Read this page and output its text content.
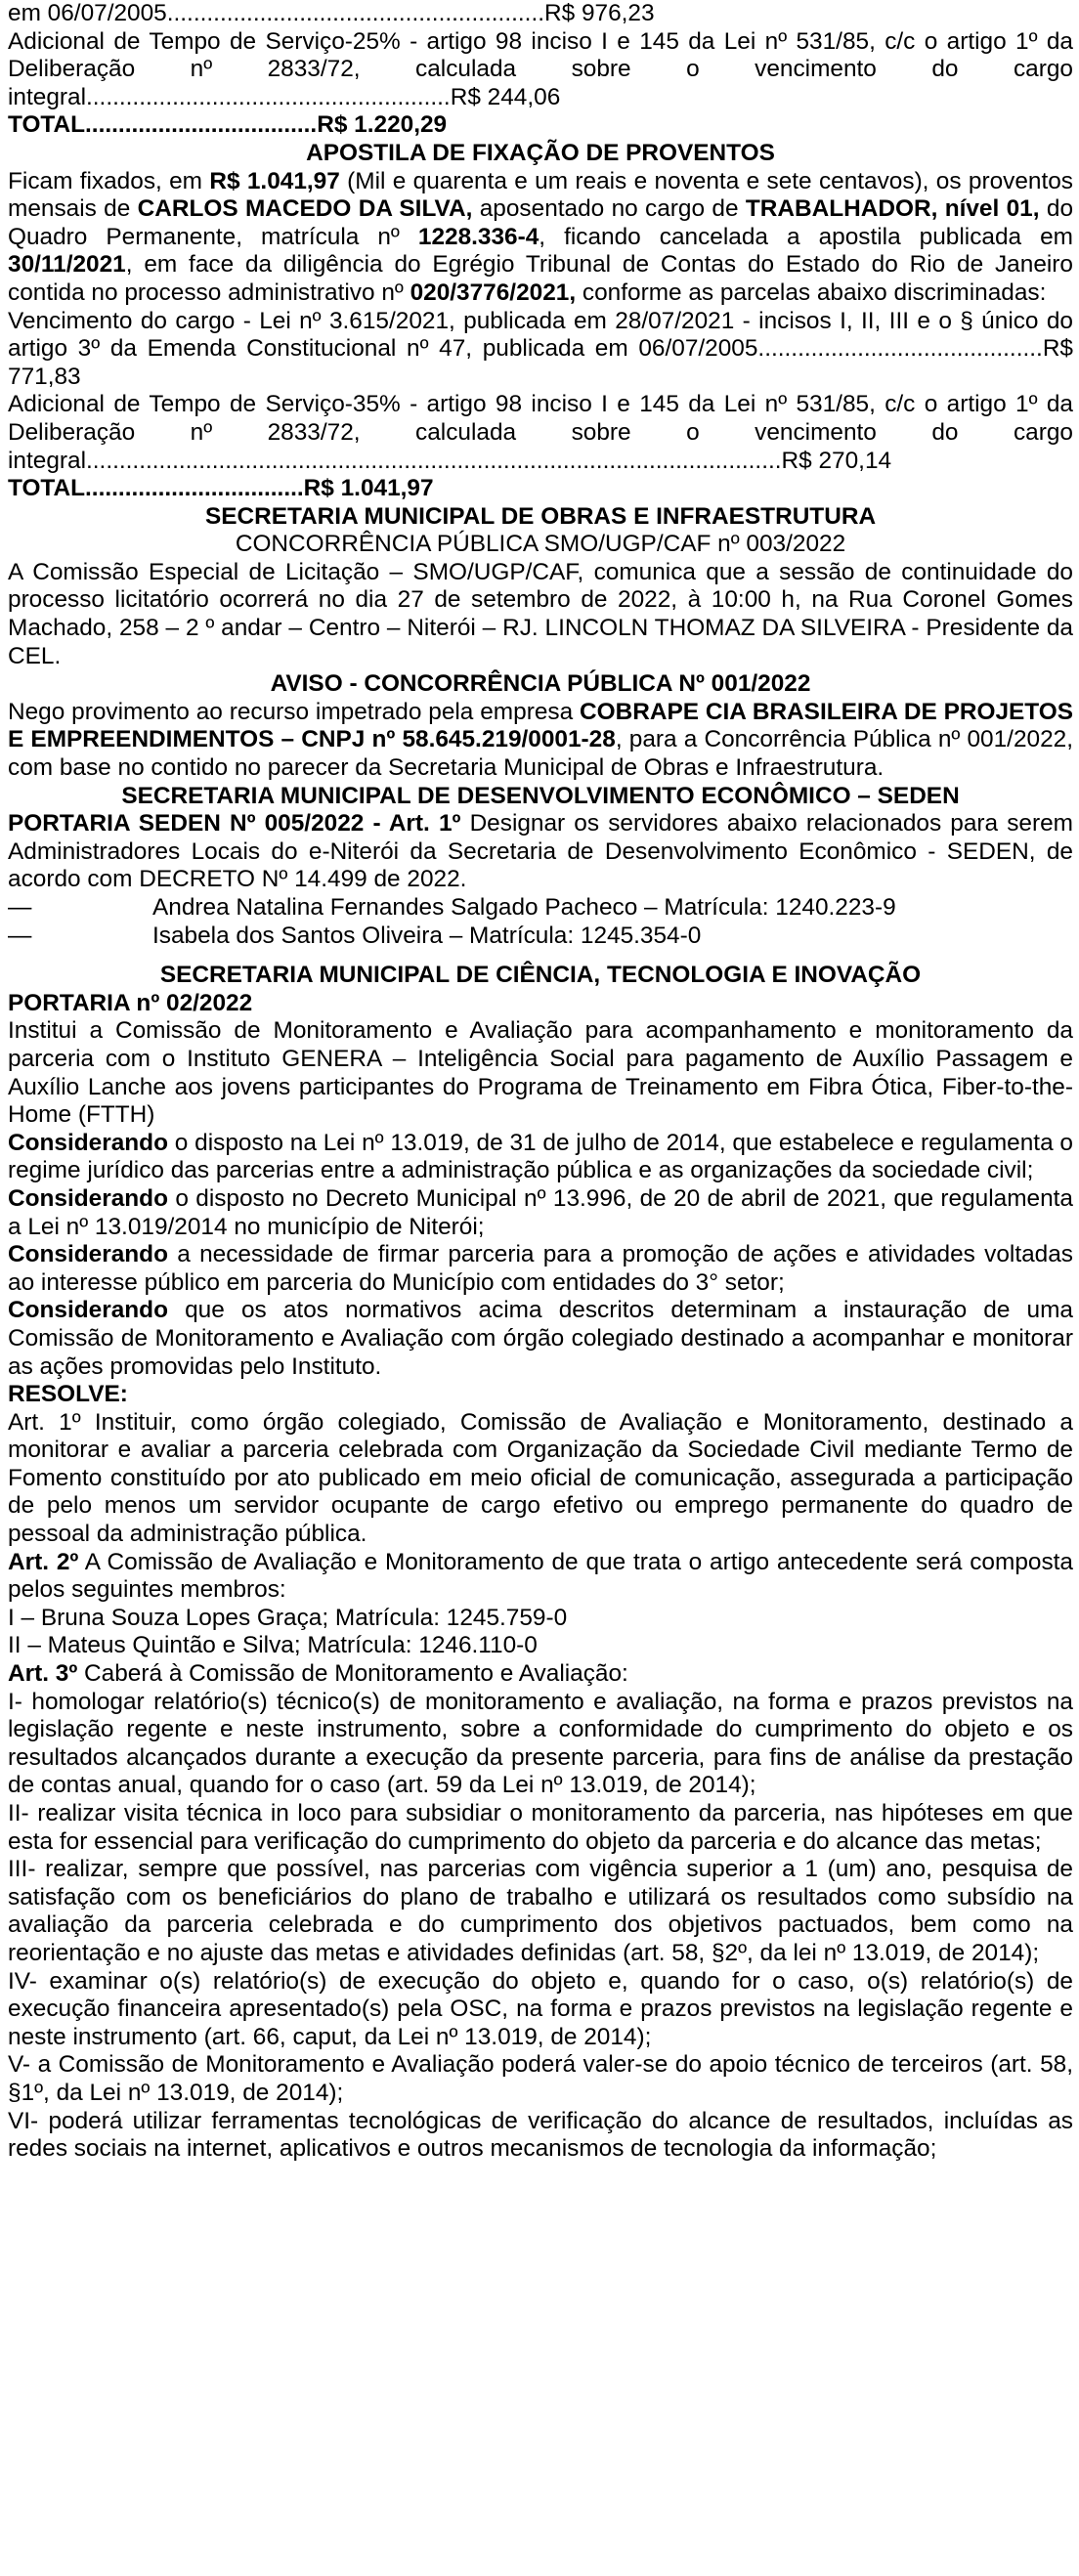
em 06/07/2005.........................................................R$ 976,23

Adicional de Tempo de Serviço-25% - artigo 98 inciso I e 145 da Lei nº 531/85, c/c o artigo 1º da Deliberação nº 2833/72, calculada sobre o vencimento do cargo integral.......................................................R$ 244,06

TOTAL...................................R$ 1.220,29

APOSTILA DE FIXAÇÃO DE PROVENTOS

Ficam fixados, em R$ 1.041,97 (Mil e quarenta e um reais e noventa e sete centavos), os proventos mensais de CARLOS MACEDO DA SILVA, aposentado no cargo de TRABALHADOR, nível 01, do Quadro Permanente, matrícula nº 1228.336-4, ficando cancelada a apostila publicada em 30/11/2021, em face da diligência do Egrégio Tribunal de Contas do Estado do Rio de Janeiro contida no processo administrativo nº 020/3776/2021, conforme as parcelas abaixo discriminadas:

Vencimento do cargo - Lei nº 3.615/2021, publicada em 28/07/2021 - incisos I, II, III e o § único do artigo 3º da Emenda Constitucional nº 47, publicada em 06/07/2005...........................................R$ 771,83

Adicional de Tempo de Serviço-35% - artigo 98 inciso I e 145 da Lei nº 531/85, c/c o artigo 1º da Deliberação nº 2833/72, calculada sobre o vencimento do cargo integral.........................................................................................................R$ 270,14

TOTAL.................................R$ 1.041,97

SECRETARIA MUNICIPAL DE OBRAS E INFRAESTRUTURA

CONCORRÊNCIA PÚBLICA SMO/UGP/CAF nº 003/2022

A Comissão Especial de Licitação – SMO/UGP/CAF, comunica que a sessão de continuidade do processo licitatório ocorrerá no dia 27 de setembro de 2022, à 10:00 h, na Rua Coronel Gomes Machado, 258 – 2 º andar – Centro – Niterói – RJ. LINCOLN THOMAZ DA SILVEIRA - Presidente da CEL.

AVISO - CONCORRÊNCIA PÚBLICA Nº 001/2022

Nego provimento ao recurso impetrado pela empresa COBRAPE CIA BRASILEIRA DE PROJETOS E EMPREENDIMENTOS – CNPJ nº 58.645.219/0001-28, para a Concorrência Pública nº 001/2022, com base no contido no parecer da Secretaria Municipal de Obras e Infraestrutura.

SECRETARIA MUNICIPAL DE DESENVOLVIMENTO ECONÔMICO – SEDEN

PORTARIA SEDEN Nº 005/2022 - Art. 1º Designar os servidores abaixo relacionados para serem Administradores Locais do e-Niterói da Secretaria de Desenvolvimento Econômico - SEDEN, de acordo com DECRETO Nº 14.499 de 2022.

—	Andrea Natalina Fernandes Salgado Pacheco – Matrícula: 1240.223-9

—	Isabela dos Santos Oliveira – Matrícula: 1245.354-0

SECRETARIA MUNICIPAL DE CIÊNCIA, TECNOLOGIA E INOVAÇÃO

PORTARIA nº 02/2022

Institui a Comissão de Monitoramento e Avaliação para acompanhamento e monitoramento da parceria com o Instituto GENERA – Inteligência Social para pagamento de Auxílio Passagem e Auxílio Lanche aos jovens participantes do Programa de Treinamento em Fibra Ótica, Fiber-to-the-Home (FTTH)

Considerando o disposto na Lei nº 13.019, de 31 de julho de 2014, que estabelece e regulamenta o regime jurídico das parcerias entre a administração pública e as organizações da sociedade civil;

Considerando o disposto no Decreto Municipal nº 13.996, de 20 de abril de 2021, que regulamenta a Lei nº 13.019/2014 no município de Niterói;

Considerando a necessidade de firmar parceria para a promoção de ações e atividades voltadas ao interesse público em parceria do Município com entidades do 3° setor;

Considerando que os atos normativos acima descritos determinam a instauração de uma Comissão de Monitoramento e Avaliação com órgão colegiado destinado a acompanhar e monitorar as ações promovidas pelo Instituto.

RESOLVE:

Art. 1º Instituir, como órgão colegiado, Comissão de Avaliação e Monitoramento, destinado a monitorar e avaliar a parceria celebrada com Organização da Sociedade Civil mediante Termo de Fomento constituído por ato publicado em meio oficial de comunicação, assegurada a participação de pelo menos um servidor ocupante de cargo efetivo ou emprego permanente do quadro de pessoal da administração pública.

Art. 2º A Comissão de Avaliação e Monitoramento de que trata o artigo antecedente será composta pelos seguintes membros:

I – Bruna Souza Lopes Graça; Matrícula: 1245.759-0

II – Mateus Quintão e Silva; Matrícula: 1246.110-0

Art. 3º Caberá à Comissão de Monitoramento e Avaliação:

I- homologar relatório(s) técnico(s) de monitoramento e avaliação, na forma e prazos previstos na legislação regente e neste instrumento, sobre a conformidade do cumprimento do objeto e os resultados alcançados durante a execução da presente parceria, para fins de análise da prestação de contas anual, quando for o caso (art. 59 da Lei nº 13.019, de 2014);

II- realizar visita técnica in loco para subsidiar o monitoramento da parceria, nas hipóteses em que esta for essencial para verificação do cumprimento do objeto da parceria e do alcance das metas;

III- realizar, sempre que possível, nas parcerias com vigência superior a 1 (um) ano, pesquisa de satisfação com os beneficiários do plano de trabalho e utilizará os resultados como subsídio na avaliação da parceria celebrada e do cumprimento dos objetivos pactuados, bem como na reorientação e no ajuste das metas e atividades definidas (art. 58, §2º, da lei nº 13.019, de 2014);

IV- examinar o(s) relatório(s) de execução do objeto e, quando for o caso, o(s) relatório(s) de execução financeira apresentado(s) pela OSC, na forma e prazos previstos na legislação regente e neste instrumento (art. 66, caput, da Lei nº 13.019, de 2014);

V- a Comissão de Monitoramento e Avaliação poderá valer-se do apoio técnico de terceiros (art. 58, §1º, da Lei nº 13.019, de 2014);

VI- poderá utilizar ferramentas tecnológicas de verificação do alcance de resultados, incluídas as redes sociais na internet, aplicativos e outros mecanismos de tecnologia da informação;
